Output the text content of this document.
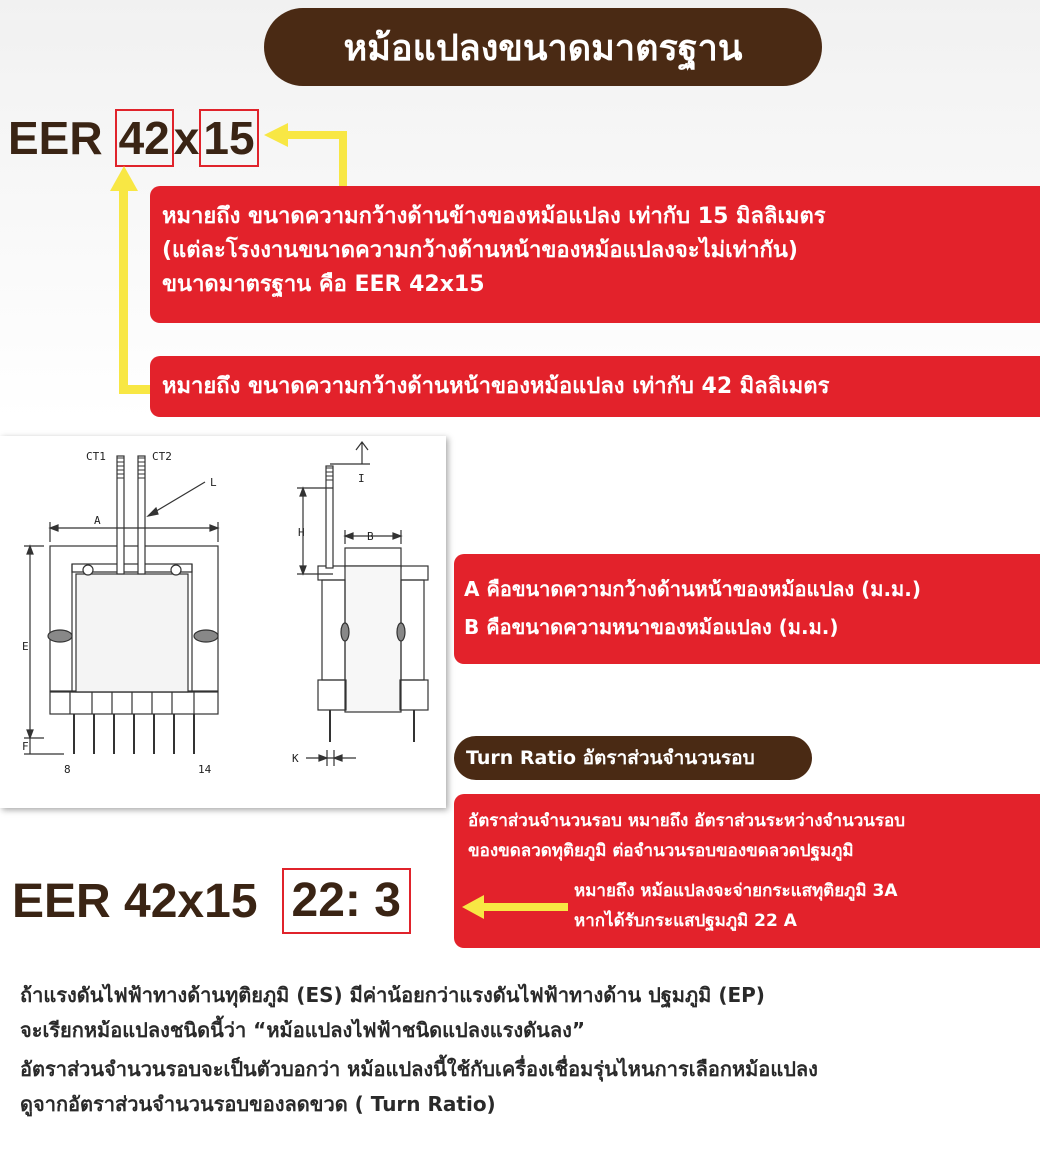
หม้อแปลงขนาดมาตรฐาน
EER 42 x 15
หมายถึง ขนาดความกว้างด้านข้างของหม้อแปลง เท่ากับ 15 มิลลิเมตร
(แต่ละโรงงานขนาดความกว้างด้านหน้าของหม้อแปลงจะไม่เท่ากัน)
ขนาดมาตรฐาน คือ EER 42x15
หมายถึง ขนาดความกว้างด้านหน้าของหม้อแปลง เท่ากับ 42 มิลลิเมตร
CT1	CT2
L
A
E
F
8	14
H
I
B
K
A คือขนาดความกว้างด้านหน้าของหม้อแปลง (ม.ม.)
B คือขนาดความหนาของหม้อแปลง (ม.ม.)
Turn Ratio อัตราส่วนจำนวนรอบ
อัตราส่วนจำนวนรอบ หมายถึง อัตราส่วนระหว่างจำนวนรอบ
ของขดลวดทุติยภูมิ ต่อจำนวนรอบของขดลวดปฐมภูมิ
หมายถึง หม้อแปลงจะจ่ายกระแสทุติยภูมิ 3A
หากได้รับกระแสปฐมภูมิ 22 A
EER 42x15 22: 3

ถ้าแรงดันไฟฟ้าทางด้านทุติยภูมิ (ES) มีค่าน้อยกว่าแรงดันไฟฟ้าทางด้าน ปฐมภูมิ (EP)

จะเรียกหม้อแปลงชนิดนี้ว่า “หม้อแปลงไฟฟ้าชนิดแปลงแรงดันลง”

อัตราส่วนจำนวนรอบจะเป็นตัวบอกว่า หม้อแปลงนี้ใช้กับเครื่องเชื่อมรุ่นไหนการเลือกหม้อแปลง

ดูจากอัตราส่วนจำนวนรอบของลดขวด ( Turn Ratio)
